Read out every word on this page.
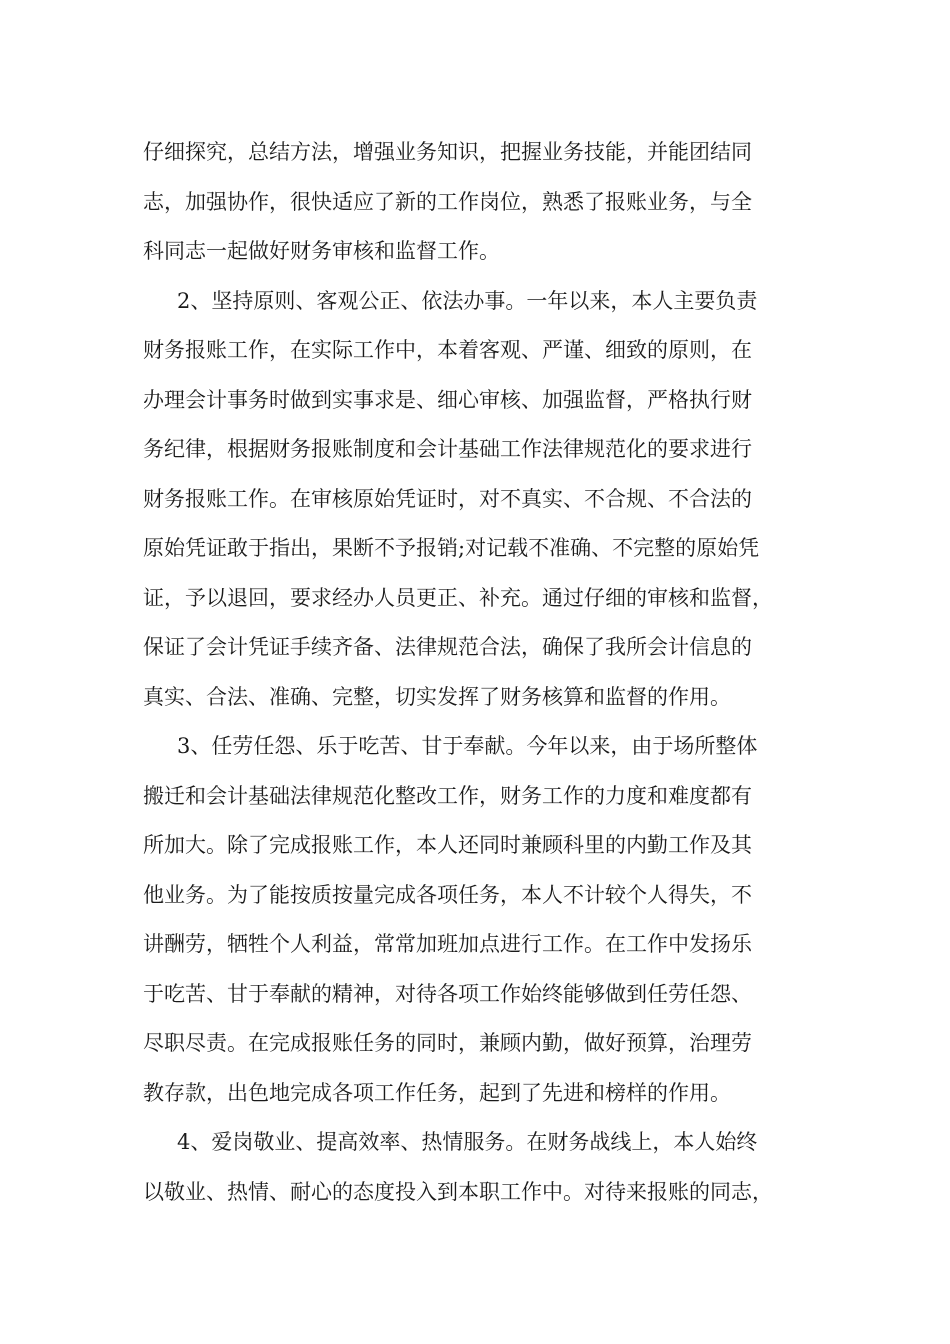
仔细探究，总结方法，增强业务知识，把握业务技能，并能团结同
志，加强协作，很快适应了新的工作岗位，熟悉了报账业务，与全
科同志一起做好财务审核和监督工作。
2、坚持原则、客观公正、依法办事。一年以来，本人主要负责
财务报账工作，在实际工作中，本着客观、严谨、细致的原则，在
办理会计事务时做到实事求是、细心审核、加强监督，严格执行财
务纪律，根据财务报账制度和会计基础工作法律规范化的要求进行
财务报账工作。在审核原始凭证时，对不真实、不合规、不合法的
原始凭证敢于指出，果断不予报销;对记载不准确、不完整的原始凭
证，予以退回，要求经办人员更正、补充。通过仔细的审核和监督，
保证了会计凭证手续齐备、法律规范合法，确保了我所会计信息的
真实、合法、准确、完整，切实发挥了财务核算和监督的作用。
3、任劳任怨、乐于吃苦、甘于奉献。今年以来，由于场所整体
搬迁和会计基础法律规范化整改工作，财务工作的力度和难度都有
所加大。除了完成报账工作，本人还同时兼顾科里的内勤工作及其
他业务。为了能按质按量完成各项任务，本人不计较个人得失，不
讲酬劳，牺牲个人利益，常常加班加点进行工作。在工作中发扬乐
于吃苦、甘于奉献的精神，对待各项工作始终能够做到任劳任怨、
尽职尽责。在完成报账任务的同时，兼顾内勤，做好预算，治理劳
教存款，出色地完成各项工作任务，起到了先进和榜样的作用。
4、爱岗敬业、提高效率、热情服务。在财务战线上，本人始终
以敬业、热情、耐心的态度投入到本职工作中。对待来报账的同志，
